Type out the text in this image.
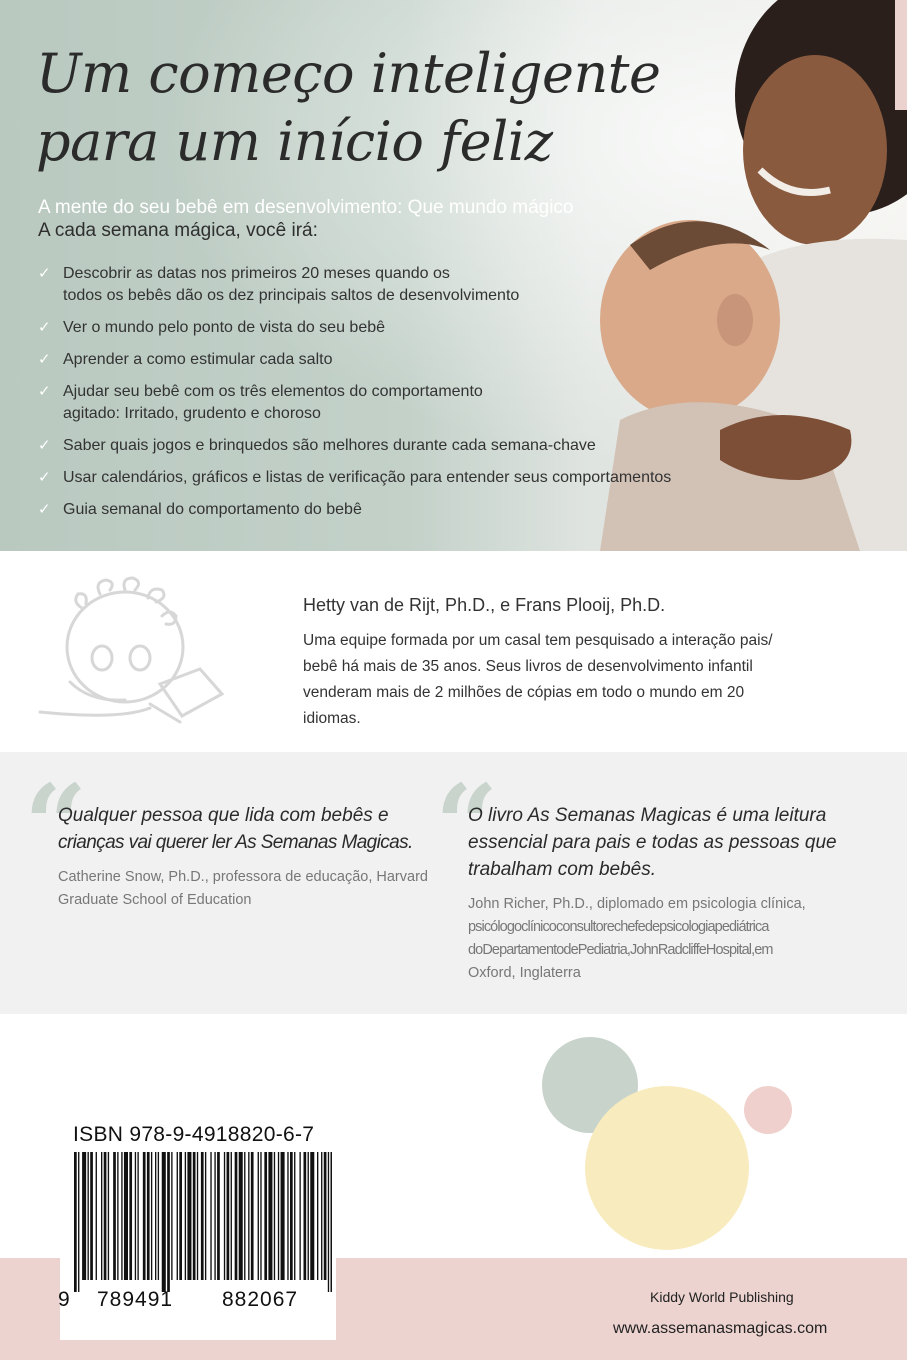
Um começo inteligente
para um início feliz
A mente do seu bebê em desenvolvimento: Que mundo mágico
A cada semana mágica, você irá:
✓ Descobrir as datas nos primeiros 20 meses quando os
todos os bebês dão os dez principais saltos de desenvolvimento
✓ Ver o mundo pelo ponto de vista do seu bebê
✓ Aprender a como estimular cada salto
✓ Ajudar seu bebê com os três elementos do comportamento
agitado: Irritado, grudento e choroso
✓ Saber quais jogos e brinquedos são melhores durante cada semana-chave
✓ Usar calendários, gráficos e listas de verificação para entender seus comportamentos
✓ Guia semanal do comportamento do bebê
Hetty van de Rijt, Ph.D., e Frans Plooij, Ph.D.
Uma equipe formada por um casal tem pesquisado a interação pais/
bebê há mais de 35 anos. Seus livros de desenvolvimento infantil
venderam mais de 2 milhões de cópias em todo o mundo em 20
idiomas.
“
Qualquer pessoa que lida com bebês e
crianças vai querer ler As Semanas Magicas.
Catherine Snow, Ph.D., professora de educação, Harvard
Graduate School of Education
“
O livro As Semanas Magicas é uma leitura
essencial para pais e todas as pessoas que
trabalham com bebês.
John Richer, Ph.D., diplomado em psicologia clínica,
psicólogoclínicoconsultorechefedepsicologiapediátrica
doDepartamentodePediatria,JohnRadcliffeHospital,em
Oxford, Inglaterra
ISBN 978-9-4918820-6-7
9 789491 882067	Kiddy World Publishing
www.assemanasmagicas.com
